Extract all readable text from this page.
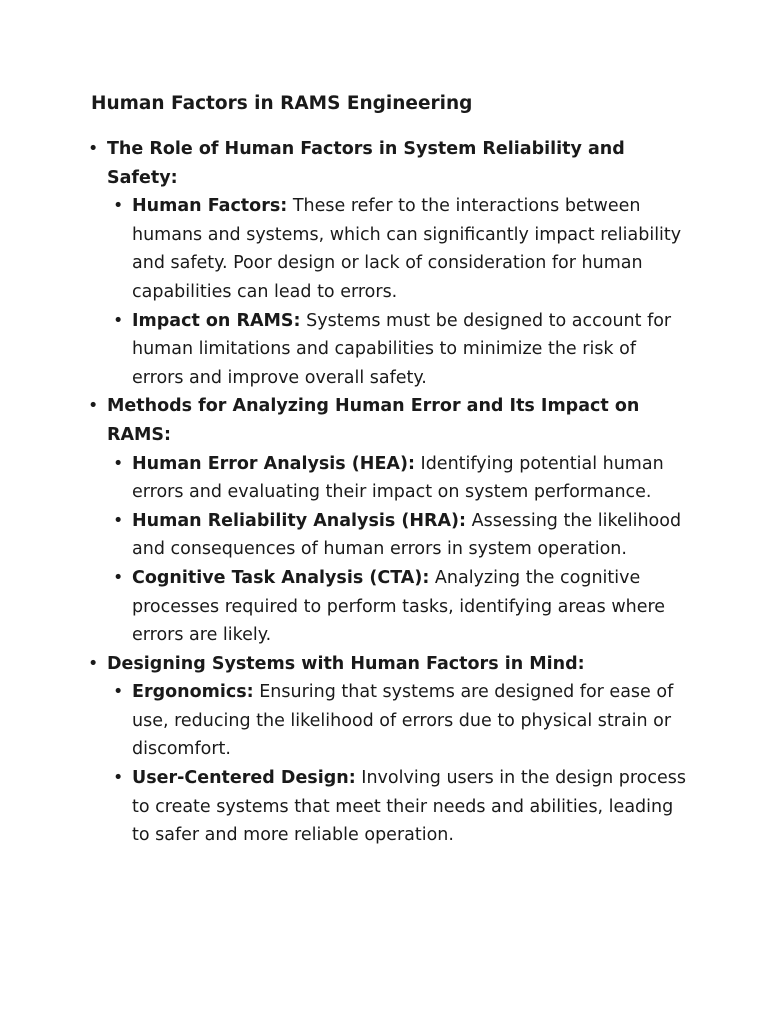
Human Factors in RAMS Engineering
• The Role of Human Factors in System Reliability and Safety:
• Human Factors: These refer to the interactions between humans and systems, which can significantly impact reliability and safety. Poor design or lack of consideration for human capabilities can lead to errors.
• Impact on RAMS: Systems must be designed to account for human limitations and capabilities to minimize the risk of errors and improve overall safety.
• Methods for Analyzing Human Error and Its Impact on RAMS:
• Human Error Analysis (HEA): Identifying potential human errors and evaluating their impact on system performance.
• Human Reliability Analysis (HRA): Assessing the likelihood and consequences of human errors in system operation.
• Cognitive Task Analysis (CTA): Analyzing the cognitive processes required to perform tasks, identifying areas where errors are likely.
• Designing Systems with Human Factors in Mind:
• Ergonomics: Ensuring that systems are designed for ease of use, reducing the likelihood of errors due to physical strain or discomfort.
• User-Centered Design: Involving users in the design process to create systems that meet their needs and abilities, leading to safer and more reliable operation.
